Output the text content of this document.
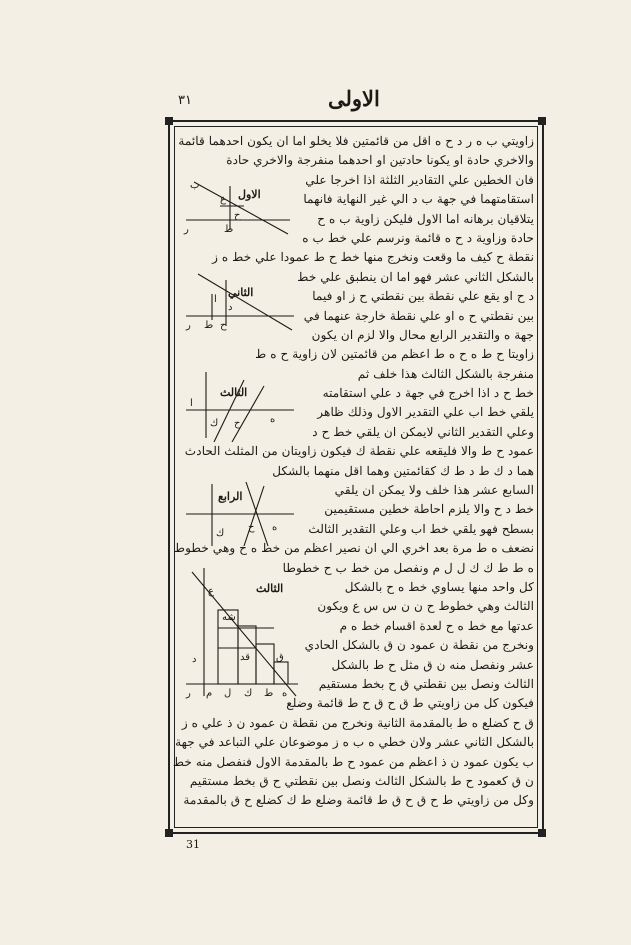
الاولى
٣١
ر	ط
ح
ب
ع الاول
ر ط ح
ا
د
الثاني
ك ح	ه
ا
الثالث
ك
ح ه
الرابع
ر م ل ك ط ه
د
ع
شه
قد	ق
الثالث
زاويتي ب ه ر د ح ه اقل من قائمتين فلا يخلو اما ان يكون احدهما قائمة
والاخري حادة او يكونا حادتين او احدهما منفرجة والاخري حادة
فان الخطين علي التقادير الثلثة اذا اخرجا علي
استقامتهما في جهة ب د الي غير النهاية فانهما
يتلاقيان برهانه اما الاول فليكن زاوية ب ه ح
حادة وزاوية د ح ه قائمة ونرسم علي خط ب ه
نقطة ح كيف ما وقعت ونخرج منها خط ح ط عمودا علي خط ه ز
بالشكل الثاني عشر فهو اما ان ينطبق علي خط
د ح او يقع علي نقطة بين نقطتي ح ز او فيما
بين نقطتي ح ه او علي نقطة خارجة عنهما في
جهة ه والتقدير الرابع محال والا لزم ان يكون
زاويتا ح ط ه ح ه ط اعظم من قائمتين لان زاوية ح ه ط
منفرجة بالشكل الثالث هذا خلف ثم
خط ح د اذا اخرج في جهة د علي استقامته
يلقي خط اب علي التقدير الاول وذلك ظاهر
وعلي التقدير الثاني لايمكن ان يلقي خط ح د
عمود ح ط والا فليقعه علي نقطة ك فيكون زاويتان من المثلث الحادث
هما د ك ط د ط ك كقائمتين وهما اقل منهما بالشكل
السابع عشر هذا خلف ولا يمكن ان يلقي
خط د ح والا يلزم احاطة خطين مستقيمين
بسطح فهو يلقي خط اب وعلي التقدير الثالث
نضعف ه ط مرة بعد اخري الي ان نصير اعظم من خط ه ح وهي خطوط
ه ط ط ك ك ل ل م ونفصل من خط ب ح خطوطا
كل واحد منها يساوي خط ه ح بالشكل
الثالث وهي خطوط ح ن ن س س ع ويكون
عدتها مع خط ه ح لعدة اقسام خط ه م
ونخرج من نقطة ن عمود ن ق بالشكل الحادي
عشر ونفصل منه ن ق مثل ح ط بالشكل
الثالث ونصل بين نقطتي ق ح بخط مستقيم
فيكون كل من زاويتي ط ق ح ق ح ط قائمة وضلع
ق ح كضلع ه ط بالمقدمة الثانية ونخرج من نقطة ن عمود ن ذ علي ه ز
بالشكل الثاني عشر ولان خطي ه ب ه ز موضوعان علي التباعد في جهة
ب يكون عمود ن ذ اعظم من عمود ح ط بالمقدمة الاول فنفصل منه خط
ن ق كعمود ح ط بالشكل الثالث ونصل بين نقطتي ح ق بخط مستقيم
وكل من زاويتي ط ح ق ح ق ط قائمة وضلع ط ك كضلع ح ق بالمقدمة
31
